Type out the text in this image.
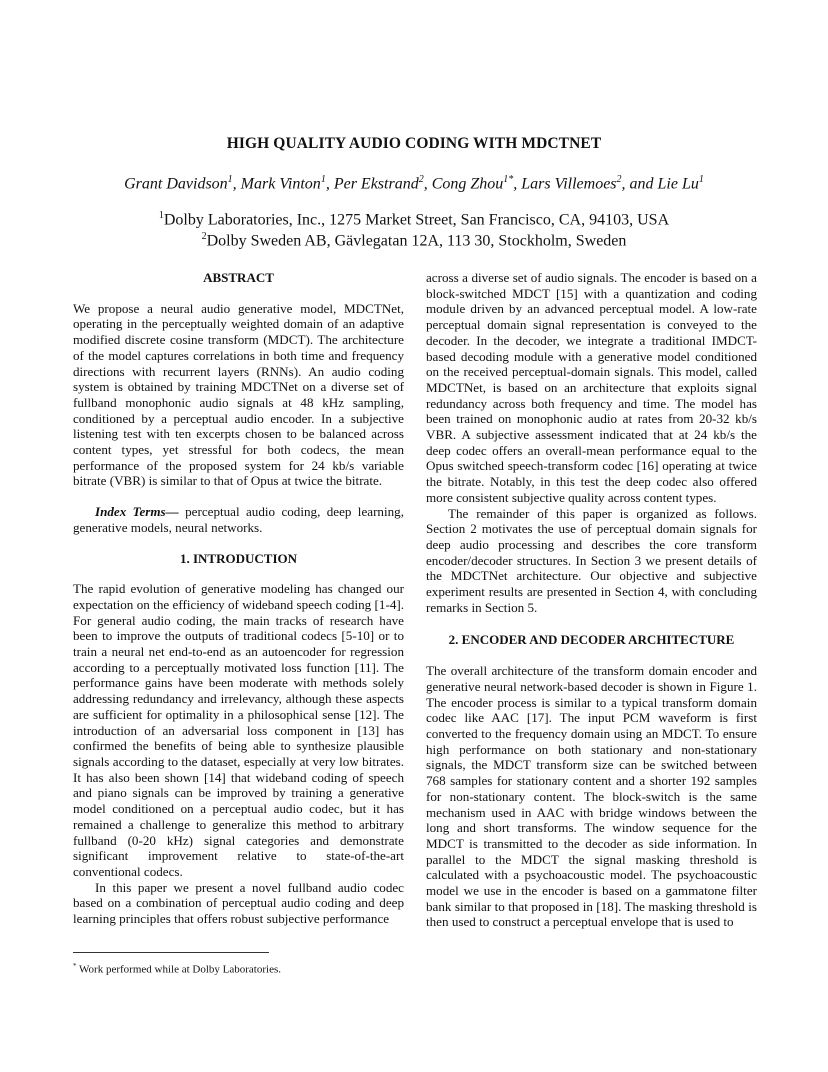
HIGH QUALITY AUDIO CODING WITH MDCTNET
Grant Davidson$^1$, Mark Vinton$^1$, Per Ekstrand$^2$, Cong Zhou$^{1*}$, Lars Villemoes$^2$, and Lie Lu$^1$
$^1$Dolby Laboratories, Inc., 1275 Market Street, San Francisco, CA, 94103, USA
$^2$Dolby Sweden AB, Gävlegatan 12A, 113 30, Stockholm, Sweden
ABSTRACT

We propose a neural audio generative model, MDCTNet, operating in the perceptually weighted domain of an adaptive modified discrete cosine transform (MDCT). The architecture of the model captures correlations in both time and frequency directions with recurrent layers (RNNs). An audio coding system is obtained by training MDCTNet on a diverse set of fullband monophonic audio signals at 48 kHz sampling, conditioned by a perceptual audio encoder. In a subjective listening test with ten excerpts chosen to be balanced across content types, yet stressful for both codecs, the mean performance of the proposed system for 24 kb/s variable bitrate (VBR) is similar to that of Opus at twice the bitrate.

Index Terms— perceptual audio coding, deep learning, generative models, neural networks.

1. INTRODUCTION

The rapid evolution of generative modeling has changed our expectation on the efficiency of wideband speech coding [1-4]. For general audio coding, the main tracks of research have been to improve the outputs of traditional codecs [5-10] or to train a neural net end-to-end as an autoencoder for regression according to a perceptually motivated loss function [11]. The performance gains have been moderate with methods solely addressing redundancy and irrelevancy, although these aspects are sufficient for optimality in a philosophical sense [12]. The introduction of an adversarial loss component in [13] has confirmed the benefits of being able to synthesize plausible signals according to the dataset, especially at very low bitrates. It has also been shown [14] that wideband coding of speech and piano signals can be improved by training a generative model conditioned on a perceptual audio codec, but it has remained a challenge to generalize this method to arbitrary fullband (0-20 kHz) signal categories and demonstrate significant improvement relative to state-of-the-art conventional codecs.

In this paper we present a novel fullband audio codec based on a combination of perceptual audio coding and deep learning principles that offers robust subjective performance

across a diverse set of audio signals. The encoder is based on a block-switched MDCT [15] with a quantization and coding module driven by an advanced perceptual model. A low-rate perceptual domain signal representation is conveyed to the decoder. In the decoder, we integrate a traditional IMDCT-based decoding module with a generative model conditioned on the received perceptual-domain signals. This model, called MDCTNet, is based on an architecture that exploits signal redundancy across both frequency and time. The model has been trained on monophonic audio at rates from 20-32 kb/s VBR. A subjective assessment indicated that at 24 kb/s the deep codec offers an overall-mean performance equal to the Opus switched speech-transform codec [16] operating at twice the bitrate. Notably, in this test the deep codec also offered more consistent subjective quality across content types.

The remainder of this paper is organized as follows. Section 2 motivates the use of perceptual domain signals for deep audio processing and describes the core transform encoder/decoder structures. In Section 3 we present details of the MDCTNet architecture. Our objective and subjective experiment results are presented in Section 4, with concluding remarks in Section 5.

2. ENCODER AND DECODER ARCHITECTURE

The overall architecture of the transform domain encoder and generative neural network-based decoder is shown in Figure 1. The encoder process is similar to a typical transform domain codec like AAC [17]. The input PCM waveform is first converted to the frequency domain using an MDCT. To ensure high performance on both stationary and non-stationary signals, the MDCT transform size can be switched between 768 samples for stationary content and a shorter 192 samples for non-stationary content. The block-switch is the same mechanism used in AAC with bridge windows between the long and short transforms. The window sequence for the MDCT is transmitted to the decoder as side information. In parallel to the MDCT the signal masking threshold is calculated with a psychoacoustic model. The psychoacoustic model we use in the encoder is based on a gammatone filter bank similar to that proposed in [18]. The masking threshold is then used to construct a perceptual envelope that is used to

* Work performed while at Dolby Laboratories.
